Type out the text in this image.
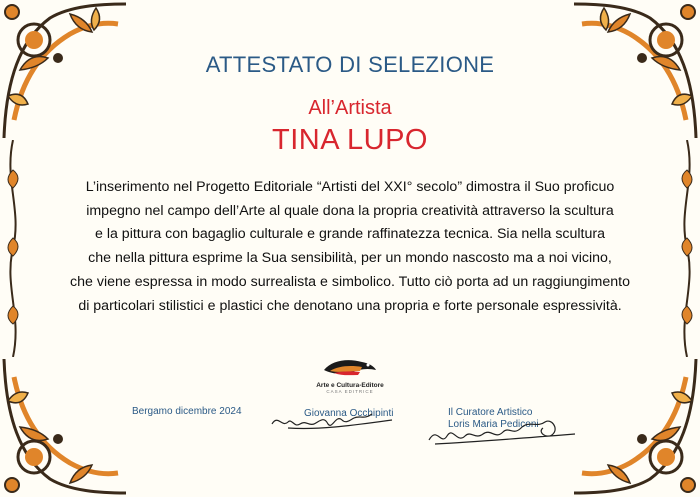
ATTESTATO DI SELEZIONE
All’Artista
TINA LUPO
L’inserimento nel Progetto Editoriale “Artisti del XXI° secolo” dimostra il Suo proficuo
impegno nel campo dell’Arte al quale dona la propria creatività attraverso la scultura
e la pittura con bagaglio culturale e grande raffinatezza tecnica. Sia nella scultura
che nella pittura esprime la Sua sensibilità, per un mondo nascosto ma a noi vicino,
che viene espressa in modo surrealista e simbolico. Tutto ciò porta ad un raggiungimento
di particolari stilistici e plastici che denotano una propria e forte personale espressività.
Arte e Cultura-Editore
CASA EDITRICE
Bergamo dicembre 2024	Giovanna Occhipinti	Il Curatore Artistico
Loris Maria Pediconi
